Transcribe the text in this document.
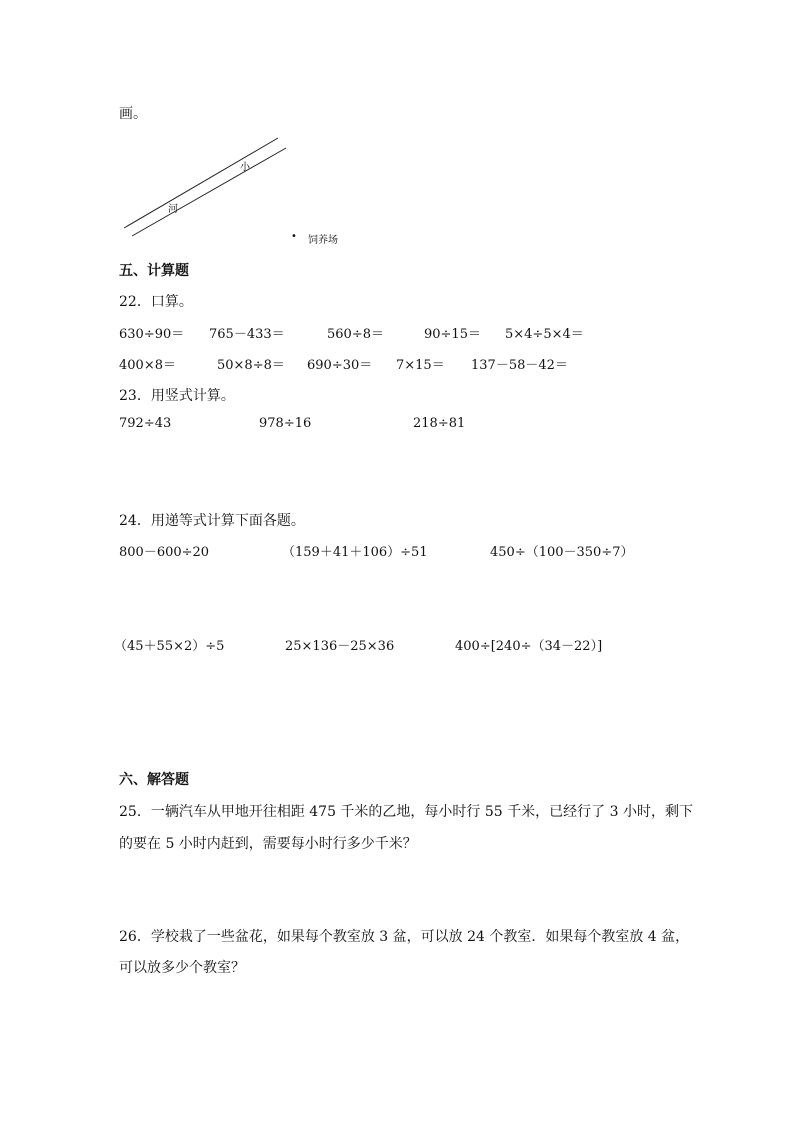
画。
小
河
• 饲养场
五、计算题
22．口算。
630÷90＝ 765－433＝	560÷8＝	90÷15＝ 5×4÷5×4＝
400×8＝	50×8÷8＝ 690÷30＝ 7×15＝ 137－58－42＝
23．用竖式计算。
792÷43	978÷16	218÷81
24．用递等式计算下面各题。
800－600÷20	（159＋41＋106）÷51	450÷（100－350÷7）
（45＋55×2）÷5	25×136－25×36	400÷[240÷（34－22）]
六、解答题
25．一辆汽车从甲地开往相距 475 千米的乙地，每小时行 55 千米，已经行了 3 小时，剩下
的要在 5 小时内赶到，需要每小时行多少千米？
26．学校栽了一些盆花，如果每个教室放 3 盆，可以放 24 个教室．如果每个教室放 4 盆，
可以放多少个教室？
